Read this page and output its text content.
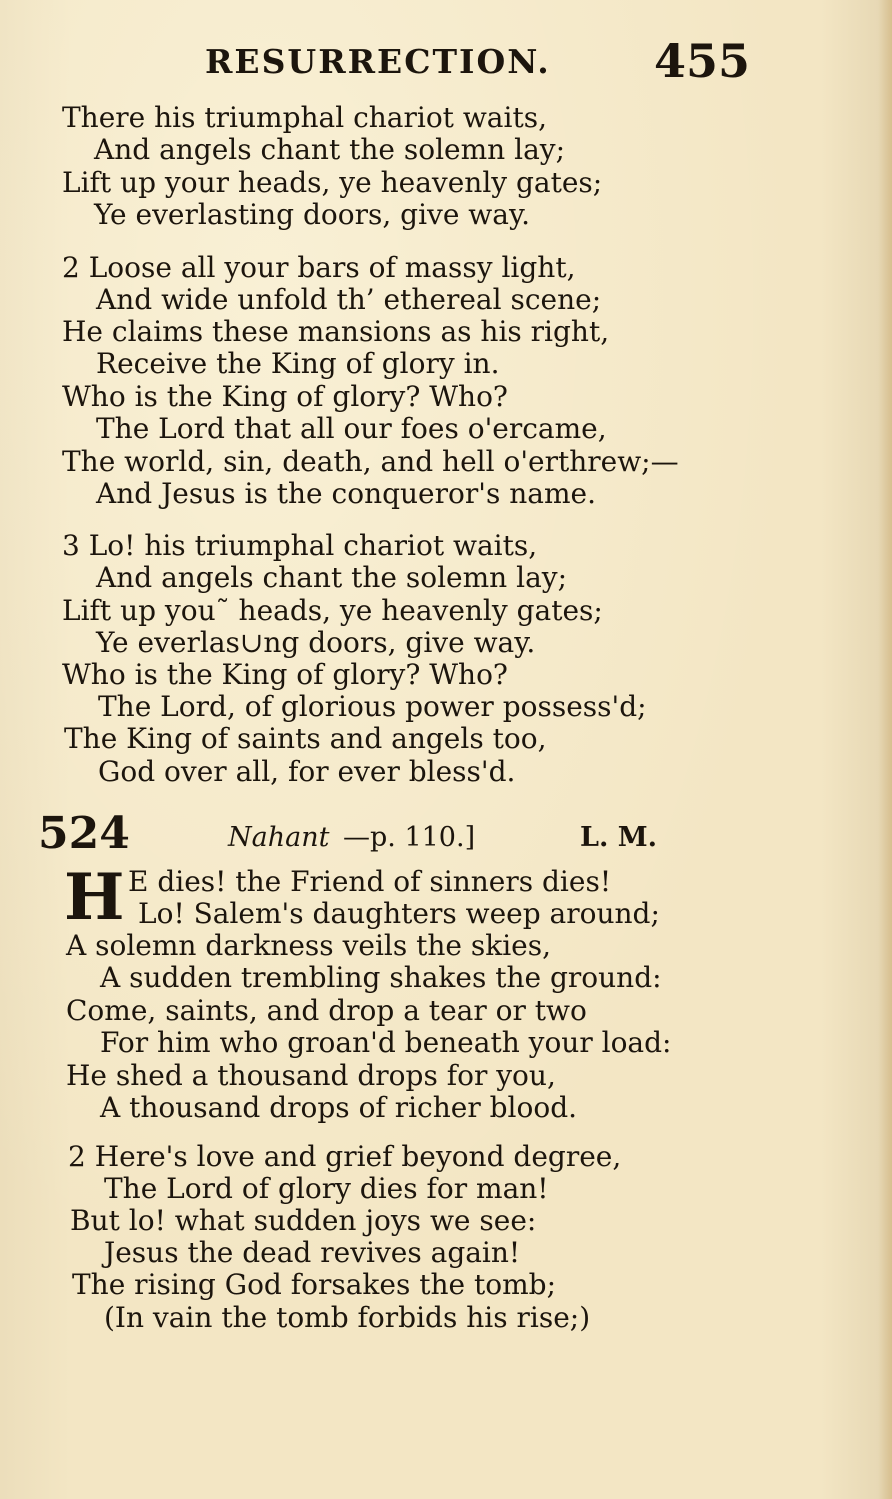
RESURRECTION. 455
There his triumphal chariot waits,
And angels chant the solemn lay;
Lift up your heads, ye heavenly gates;
Ye everlasting doors, give way.
2 Loose all your bars of massy light,
And wide unfold th’ ethereal scene;
He claims these mansions as his right,
Receive the King of glory in.
Who is the King of glory? Who?
The Lord that all our foes o'ercame,
The world, sin, death, and hell o'erthrew;—
And Jesus is the conqueror's name.
3 Lo! his triumphal chariot waits,
And angels chant the solemn lay;
Lift up you˜ heads, ye heavenly gates;
Ye everlas∪ng doors, give way.
Who is the King of glory? Who?
The Lord, of glorious power possess'd;
The King of saints and angels too,
God over all, for ever bless'd.
524	Nahant —p. 110.]	L. M.
H E dies! the Friend of sinners dies!
Lo! Salem's daughters weep around;
A solemn darkness veils the skies,
A sudden trembling shakes the ground:
Come, saints, and drop a tear or two
For him who groan'd beneath your load:
He shed a thousand drops for you,
A thousand drops of richer blood.
2 Here's love and grief beyond degree,
The Lord of glory dies for man!
But lo! what sudden joys we see:
Jesus the dead revives again!
The rising God forsakes the tomb;
(In vain the tomb forbids his rise;)
